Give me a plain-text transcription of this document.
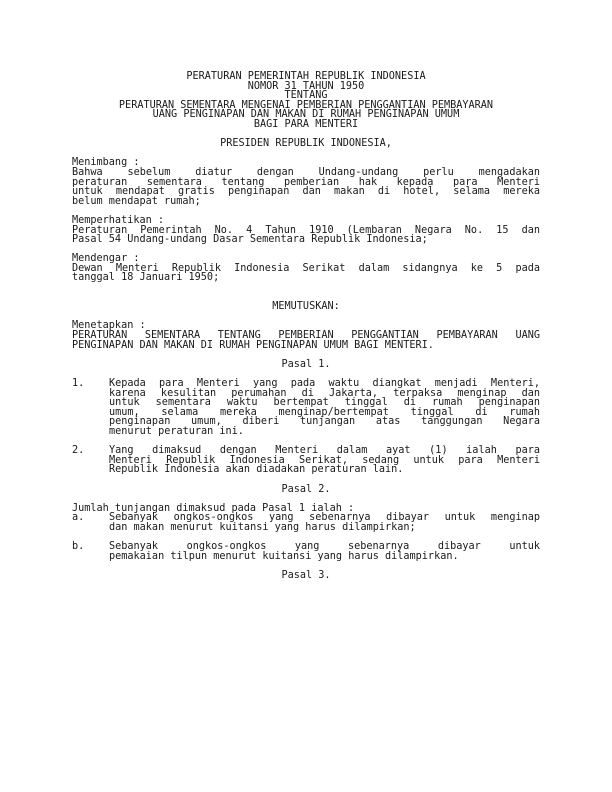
PERATURAN PEMERINTAH REPUBLIK INDONESIA
NOMOR 31 TAHUN 1950
TENTANG
PERATURAN SEMENTARA MENGENAI PEMBERIAN PENGGANTIAN PEMBAYARAN
UANG PENGINAPAN DAN MAKAN DI RUMAH PENGINAPAN UMUM
BAGI PARA MENTERI
PRESIDEN REPUBLIK INDONESIA,
Menimbang :
Bahwa sebelum diatur dengan Undang-undang perlu mengadakan
peraturan sementara tentang pemberian hak kepada para Menteri
untuk mendapat gratis penginapan dan makan di hotel, selama mereka
belum mendapat rumah;
Memperhatikan :
Peraturan Pemerintah No. 4 Tahun 1910 (Lembaran Negara No. 15 dan
Pasal 54 Undang-undang Dasar Sementara Republik Indonesia;
Mendengar :
Dewan Menteri Republik Indonesia Serikat dalam sidangnya ke 5 pada
tanggal 18 Januari 1950;
MEMUTUSKAN:
Menetapkan :
PERATURAN SEMENTARA TENTANG PEMBERIAN PENGGANTIAN PEMBAYARAN UANG
PENGINAPAN DAN MAKAN DI RUMAH PENGINAPAN UMUM BAGI MENTERI.
Pasal 1.
1.	Kepada para Menteri yang pada waktu diangkat menjadi Menteri,
karena kesulitan perumahan di Jakarta, terpaksa menginap dan
untuk sementara waktu bertempat tinggal di rumah penginapan
umum, selama mereka menginap/bertempat tinggal di rumah
penginapan umum, diberi tunjangan atas tanggungan Negara
menurut peraturan ini.
2.	Yang dimaksud dengan Menteri dalam ayat (1) ialah para
Menteri Republik Indonesia Serikat, sedang untuk para Menteri
Republik Indonesia akan diadakan peraturan lain.
Pasal 2.
Jumlah tunjangan dimaksud pada Pasal 1 ialah :
a.	Sebanyak ongkos-ongkos yang sebenarnya dibayar untuk menginap
dan makan menurut kuitansi yang harus dilampirkan;
b.	Sebanyak ongkos-ongkos yang sebenarnya dibayar untuk
pemakaian tilpun menurut kuitansi yang harus dilampirkan.
Pasal 3.
